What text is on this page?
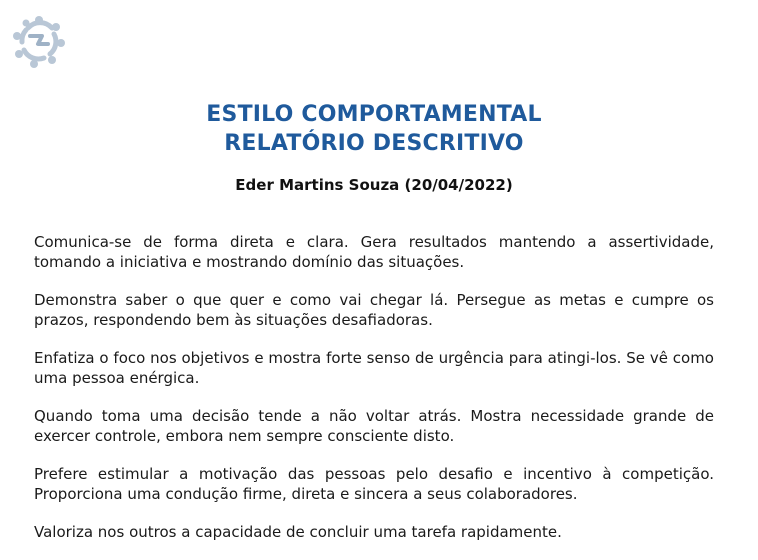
ESTILO COMPORTAMENTAL
RELATÓRIO DESCRITIVO

Eder Martins Souza (20/04/2022)

Comunica-se de forma direta e clara. Gera resultados mantendo a assertividade, tomando a iniciativa e mostrando domínio das situações.

Demonstra saber o que quer e como vai chegar lá. Persegue as metas e cumpre os prazos, respondendo bem às situações desafiadoras.

Enfatiza o foco nos objetivos e mostra forte senso de urgência para atingi-los. Se vê como uma pessoa enérgica.

Quando toma uma decisão tende a não voltar atrás. Mostra necessidade grande de exercer controle, embora nem sempre consciente disto.

Prefere estimular a motivação das pessoas pelo desafio e incentivo à competição. Proporciona uma condução firme, direta e sincera a seus colaboradores.

Valoriza nos outros a capacidade de concluir uma tarefa rapidamente.
